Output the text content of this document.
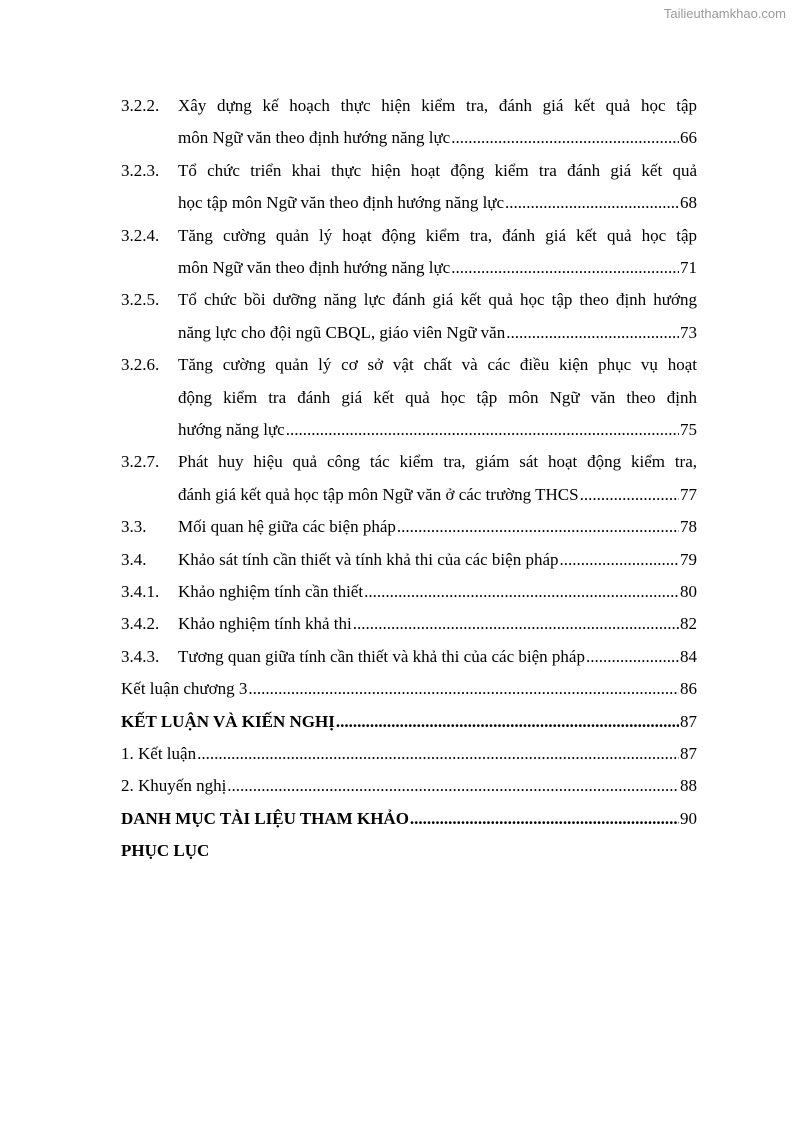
Tailieuthamkhao.com
3.2.2. Xây dựng kế hoạch thực hiện kiểm tra, đánh giá kết quả học tập
môn Ngữ văn theo định hướng năng lực .....	66
3.2.3. Tổ chức triển khai thực hiện hoạt động kiểm tra đánh giá kết quả
học tập môn Ngữ văn theo định hướng năng lực .....	68
3.2.4. Tăng cường quản lý hoạt động kiểm tra, đánh giá kết quả học tập
môn Ngữ văn theo định hướng năng lực .....	71
3.2.5. Tổ chức bồi dưỡng năng lực đánh giá kết quả học tập theo định hướng
năng lực cho đội ngũ CBQL, giáo viên Ngữ văn .....	73
3.2.6. Tăng cường quản lý cơ sở vật chất và các điều kiện phục vụ hoạt
động kiểm tra đánh giá kết quả học tập môn Ngữ văn theo định
hướng năng lực .....	75
3.2.7. Phát huy hiệu quả công tác kiểm tra, giám sát hoạt động kiểm tra,
đánh giá kết quả học tập môn Ngữ văn ở các trường THCS .....	77
3.3. Mối quan hệ giữa các biện pháp .....	78
3.4. Khảo sát tính cần thiết và tính khả thi của các biện pháp .....	79
3.4.1. Khảo nghiệm tính cần thiết .....	80
3.4.2. Khảo nghiệm tính khả thi .....	82
3.4.3. Tương quan giữa tính cần thiết và khả thi của các biện pháp .....	84
Kết luận chương 3 .....	86
KẾT LUẬN VÀ KIẾN NGHỊ .....	87
1. Kết luận .....	87
2. Khuyến nghị .....	88
DANH MỤC TÀI LIỆU THAM KHẢO .....	90
PHỤC LỤC
